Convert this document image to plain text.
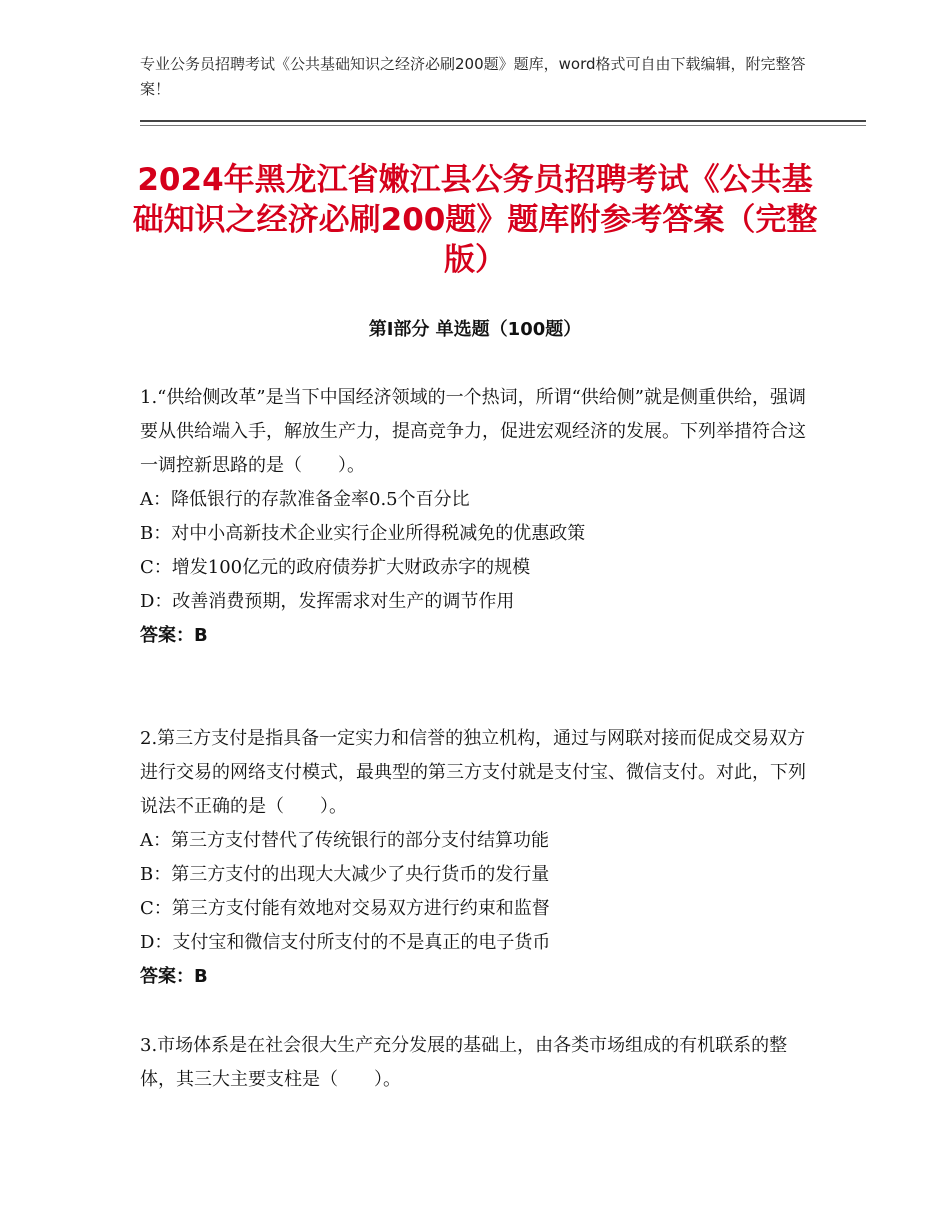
专业公务员招聘考试《公共基础知识之经济必刷200题》题库，word格式可自由下载编辑，附完整答案！
2024年黑龙江省嫩江县公务员招聘考试《公共基础知识之经济必刷200题》题库附参考答案（完整版）
第Ⅰ部分 单选题（100题）

1.“供给侧改革”是当下中国经济领域的一个热词，所谓“供给侧”就是侧重供给，强调要从供给端入手，解放生产力，提高竞争力，促进宏观经济的发展。下列举措符合这一调控新思路的是（　　）。

A：降低银行的存款准备金率0.5个百分比

B：对中小高新技术企业实行企业所得税减免的优惠政策

C：增发100亿元的政府债券扩大财政赤字的规模

D：改善消费预期，发挥需求对生产的调节作用

答案：B

2.第三方支付是指具备一定实力和信誉的独立机构，通过与网联对接而促成交易双方进行交易的网络支付模式，最典型的第三方支付就是支付宝、微信支付。对此，下列说法不正确的是（　　）。

A：第三方支付替代了传统银行的部分支付结算功能

B：第三方支付的出现大大减少了央行货币的发行量

C：第三方支付能有效地对交易双方进行约束和监督

D：支付宝和微信支付所支付的不是真正的电子货币

答案：B

3.市场体系是在社会很大生产充分发展的基础上，由各类市场组成的有机联系的整体，其三大主要支柱是（　　）。
